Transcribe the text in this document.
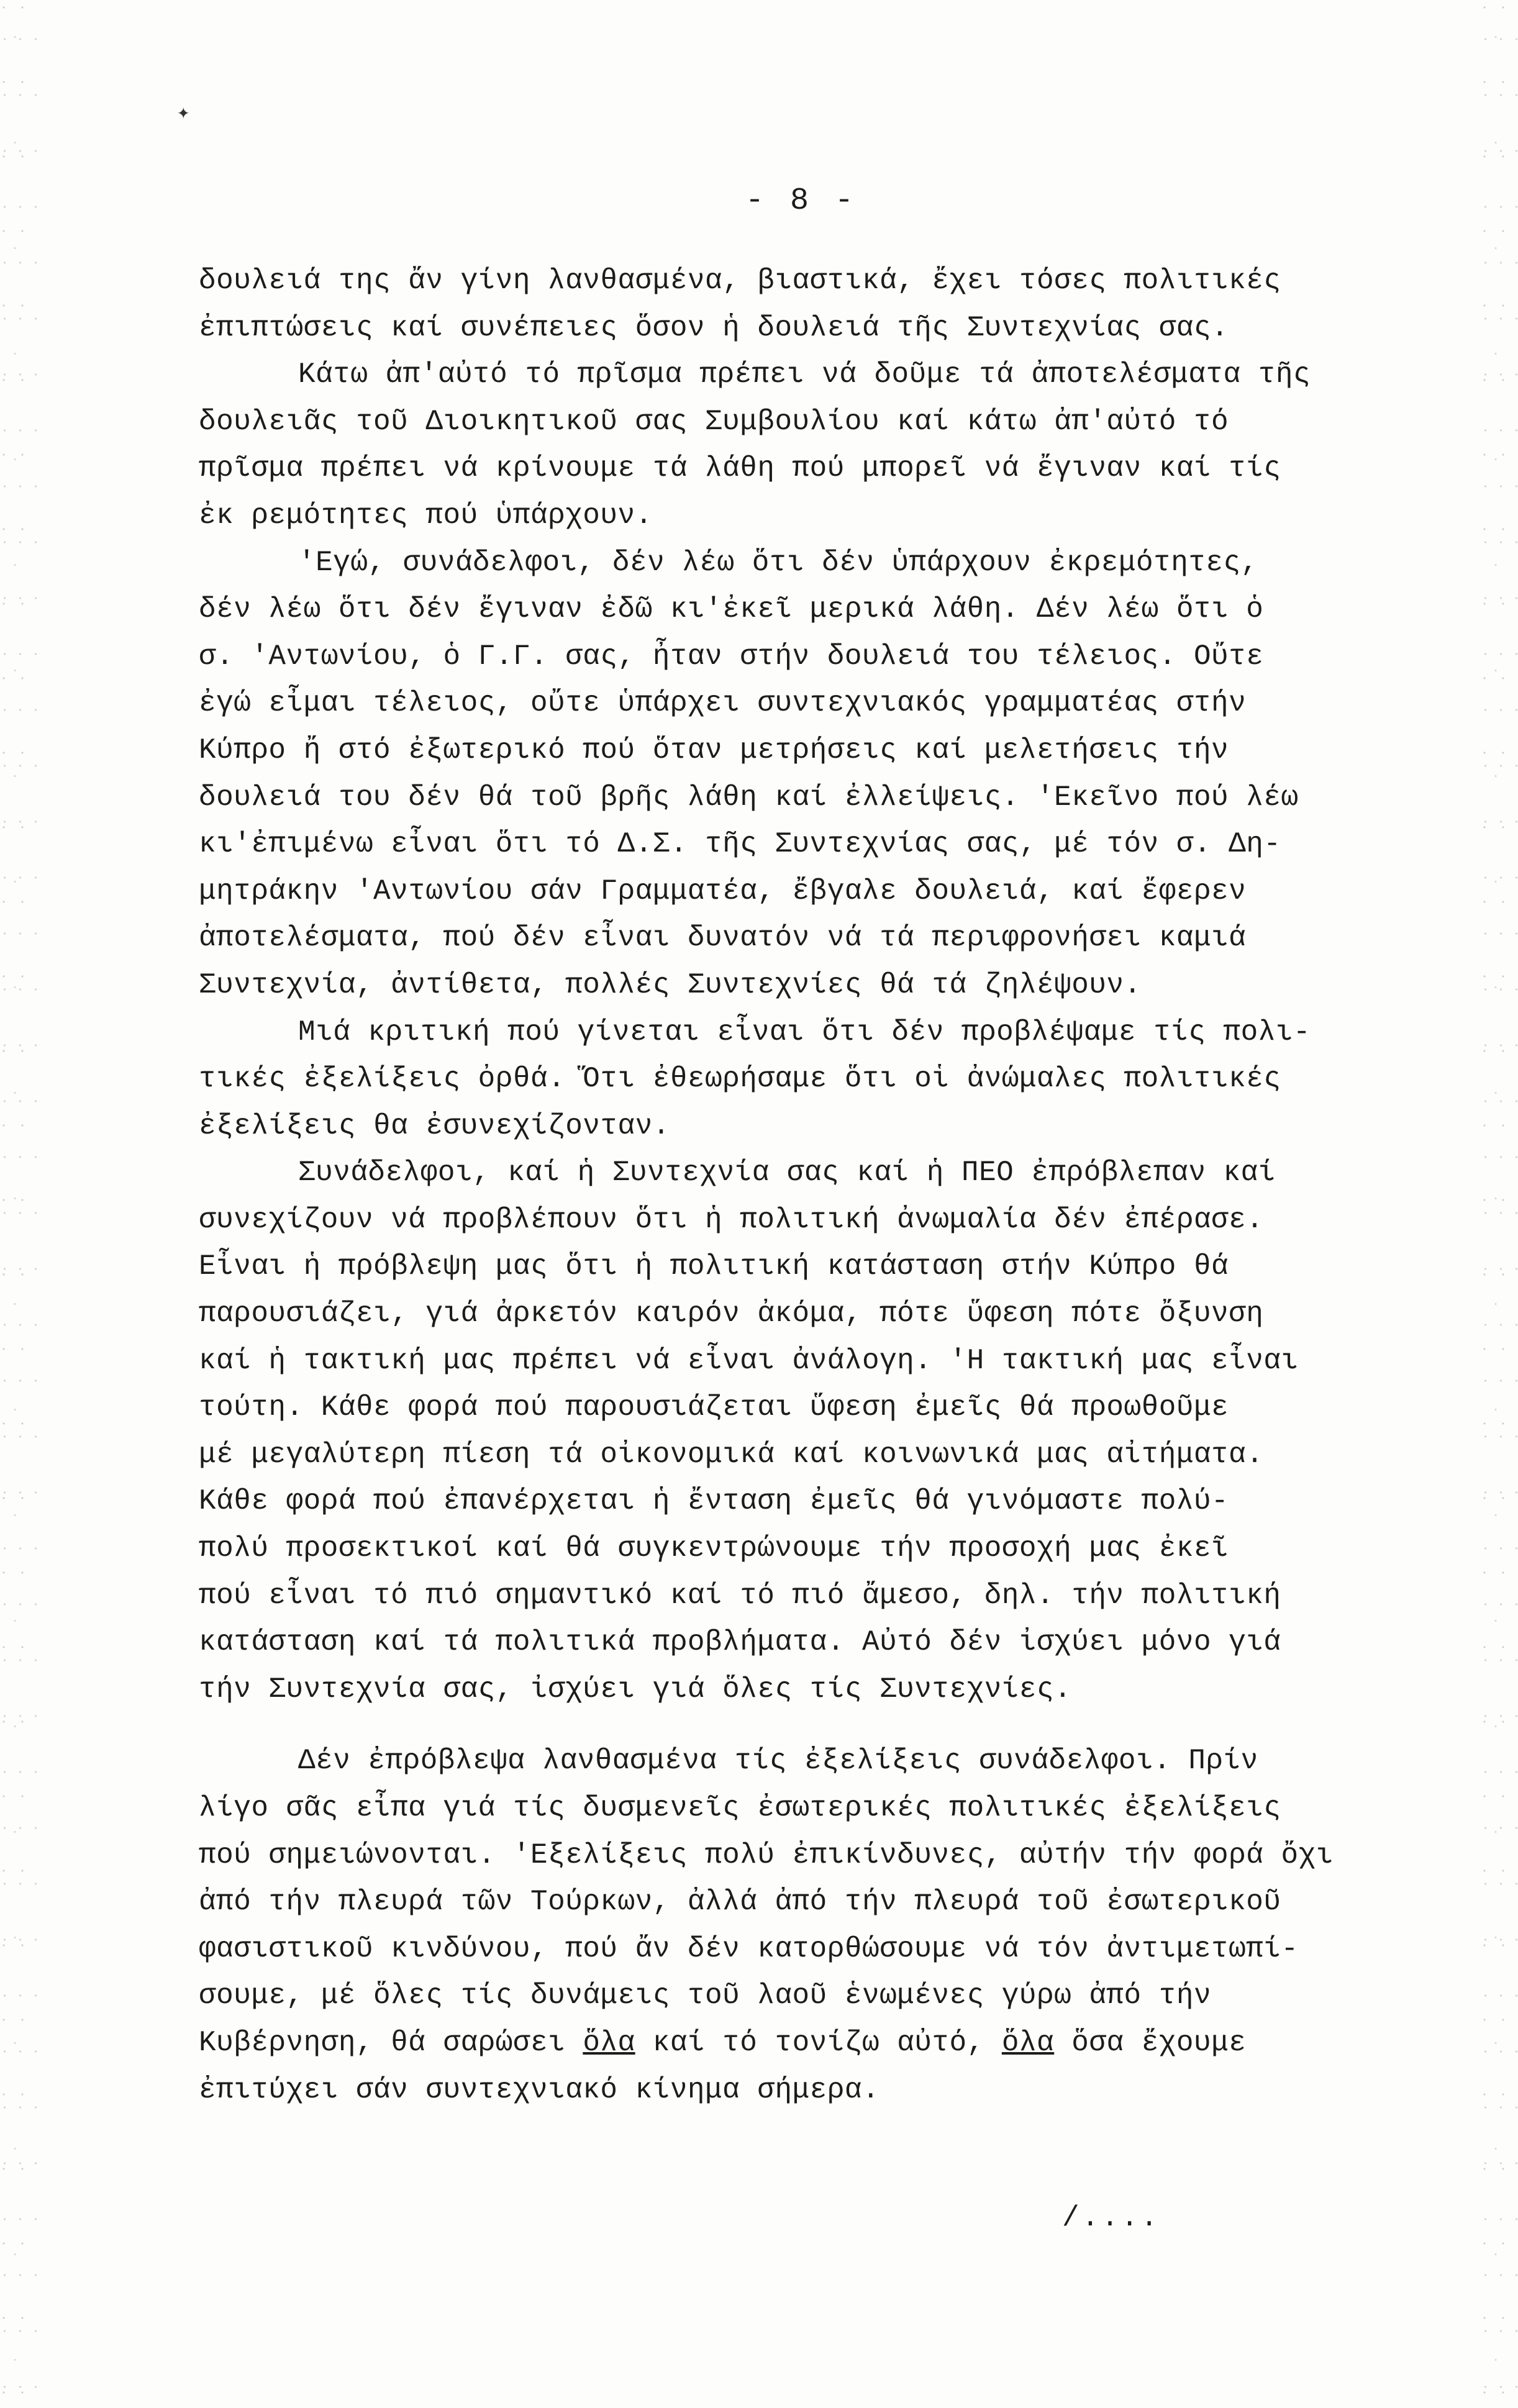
✦
- 8 -
δουλειά της ἄν γίνη λανθασμένα, βιαστικά, ἔχει τόσες πολιτικές
ἐπιπτώσεις καί συνέπειες ὅσον ἡ δουλειά τῆς Συντεχνίας σας.
Κάτω ἀπ'αὐτό τό πρῖσμα πρέπει νά δοῦμε τά ἀποτελέσματα τῆς
δουλειᾶς τοῦ Διοικητικοῦ σας Συμβουλίου καί κάτω ἀπ'αὐτό τό
πρῖσμα πρέπει νά κρίνουμε τά λάθη πού μπορεῖ νά ἔγιναν καί τίς
ἐκ ρεμότητες πού ὑπάρχουν.
'Εγώ, συνάδελφοι, δέν λέω ὅτι δέν ὑπάρχουν ἐκρεμότητες,
δέν λέω ὅτι δέν ἔγιναν ἐδῶ κι'ἐκεῖ μερικά λάθη. Δέν λέω ὅτι ὁ
σ. 'Αντωνίου, ὁ Γ.Γ. σας, ἦταν στήν δουλειά του τέλειος. Οὔτε
ἐγώ εἶμαι τέλειος, οὔτε ὑπάρχει συντεχνιακός γραμματέας στήν
Κύπρο ἤ στό ἐξωτερικό πού ὅταν μετρήσεις καί μελετήσεις τήν
δουλειά του δέν θά τοῦ βρῆς λάθη καί ἐλλείψεις. 'Εκεῖνο πού λέω
κι'ἐπιμένω εἶναι ὅτι τό Δ.Σ. τῆς Συντεχνίας σας, μέ τόν σ. Δη-
μητράκην 'Αντωνίου σάν Γραμματέα, ἔβγαλε δουλειά, καί ἔφερεν
ἀποτελέσματα, πού δέν εἶναι δυνατόν νά τά περιφρονήσει καμιά
Συντεχνία, ἀντίθετα, πολλές Συντεχνίες θά τά ζηλέψουν.
Μιά κριτική πού γίνεται εἶναι ὅτι δέν προβλέψαμε τίς πολι-
τικές ἐξελίξεις ὀρθά. Ὅτι ἐθεωρήσαμε ὅτι οἱ ἀνώμαλες πολιτικές
ἐξελίξεις θα ἐσυνεχίζονταν.
Συνάδελφοι, καί ἡ Συντεχνία σας καί ἡ ΠΕΟ ἐπρόβλεπαν καί
συνεχίζουν νά προβλέπουν ὅτι ἡ πολιτική ἀνωμαλία δέν ἐπέρασε.
Εἶναι ἡ πρόβλεψη μας ὅτι ἡ πολιτική κατάσταση στήν Κύπρο θά
παρουσιάζει, γιά ἀρκετόν καιρόν ἀκόμα, πότε ὕφεση πότε ὄξυνση
καί ἡ τακτική μας πρέπει νά εἶναι ἀνάλογη. 'Η τακτική μας εἶναι
τούτη. Κάθε φορά πού παρουσιάζεται ὕφεση ἐμεῖς θά προωθοῦμε
μέ μεγαλύτερη πίεση τά οἰκονομικά καί κοινωνικά μας αἰτήματα.
Κάθε φορά πού ἐπανέρχεται ἡ ἔνταση ἐμεῖς θά γινόμαστε πολύ-
πολύ προσεκτικοί καί θά συγκεντρώνουμε τήν προσοχή μας ἐκεῖ
πού εἶναι τό πιό σημαντικό καί τό πιό ἄμεσο, δηλ. τήν πολιτική
κατάσταση καί τά πολιτικά προβλήματα. Αὐτό δέν ἰσχύει μόνο γιά
τήν Συντεχνία σας, ἰσχύει γιά ὅλες τίς Συντεχνίες.
Δέν ἐπρόβλεψα λανθασμένα τίς ἐξελίξεις συνάδελφοι. Πρίν
λίγο σᾶς εἶπα γιά τίς δυσμενεῖς ἐσωτερικές πολιτικές ἐξελίξεις
πού σημειώνονται. 'Εξελίξεις πολύ ἐπικίνδυνες, αὐτήν τήν φορά ὄχι
ἀπό τήν πλευρά τῶν Τούρκων, ἀλλά ἀπό τήν πλευρά τοῦ ἐσωτερικοῦ
φασιστικοῦ κινδύνου, πού ἄν δέν κατορθώσουμε νά τόν ἀντιμετωπί-
σουμε, μέ ὅλες τίς δυνάμεις τοῦ λαοῦ ἑνωμένες γύρω ἀπό τήν
Κυβέρνηση, θά σαρώσει ὅλα καί τό τονίζω αὐτό, ὅλα ὅσα ἔχουμε
ἐπιτύχει σάν συντεχνιακό κίνημα σήμερα.
/....
